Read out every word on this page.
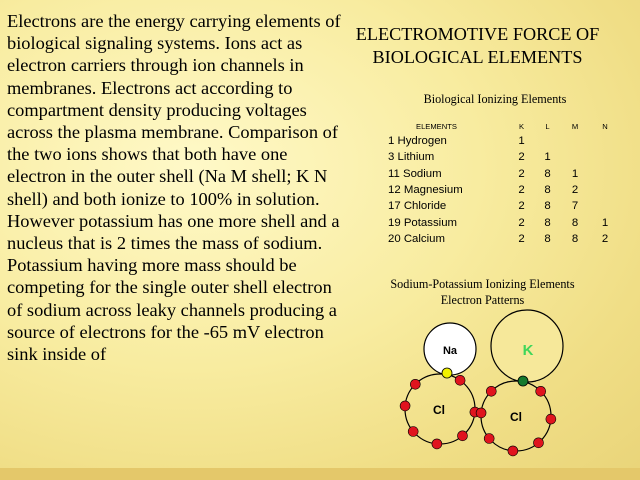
Electrons are the energy carrying elements of biological signaling systems. Ions act as electron carriers through ion channels in membranes. Electrons act according to compartment density producing voltages across the plasma membrane. Comparison of the two ions shows that both have one electron in the outer shell (Na M shell; K N shell) and both ionize to 100% in solution. However potassium has one more shell and a nucleus that is 2 times the mass of sodium. Potassium having more mass should be competing for the single outer shell electron of sodium across leaky channels producing a source of electrons for the -65 mV electron sink inside of

ELECTROMOTIVE FORCE OF
BIOLOGICAL ELEMENTS
Biological Ionizing Elements
ELEMENTS	K	L	M	N
1 Hydrogen	1			
3 Lithium	2	1		
11 Sodium	2	8	1	
12 Magnesium	2	8	2	
17 Chloride	2	8	7	
19 Potassium	2	8	8	1
20 Calcium	2	8	8	2
Sodium-Potassium Ionizing Elements
Electron Patterns
Na	K
Cl	Cl
